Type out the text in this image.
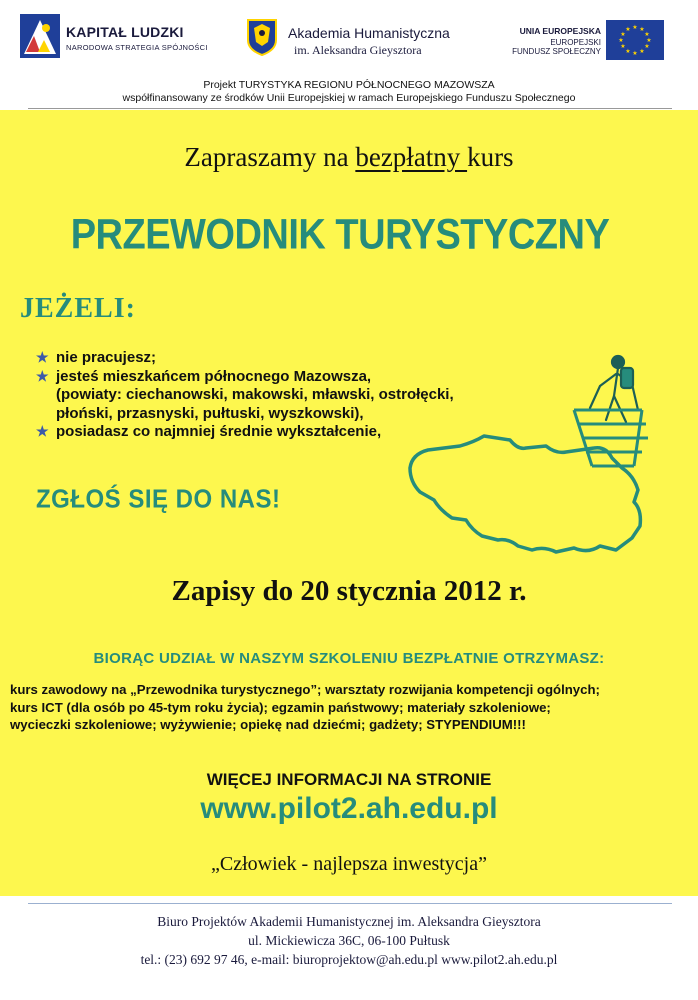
KAPITAŁ LUDZKI
NARODOWA STRATEGIA SPÓJNOŚCI
Akademia Humanistyczna
im. Aleksandra Gieysztora
UNIA EUROPEJSKA
EUROPEJSKI
FUNDUSZ SPOŁECZNY
★ ★
★
★
★
★
★
★
★
★
★
★
Projekt TURYSTYKA REGIONU PÓŁNOCNEGO MAZOWSZA
współfinansowany ze środków Unii Europejskiej w ramach Europejskiego Funduszu Społecznego
Zapraszamy na bezpłatny kurs
PRZEWODNIK TURYSTYCZNY
JEŻELI:
★ nie pracujesz;
★ jesteś mieszkańcem północnego Mazowsza,
(powiaty: ciechanowski, makowski, mławski, ostrołęcki,
płoński, przasnyski, pułtuski, wyszkowski),
★ posiadasz co najmniej średnie wykształcenie,
ZGŁOŚ SIĘ DO NAS!
Zapisy do 20 stycznia 2012 r.
BIORĄC UDZIAŁ W NASZYM SZKOLENIU BEZPŁATNIE OTRZYMASZ:
kurs zawodowy na „Przewodnika turystycznego”; warsztaty rozwijania kompetencji ogólnych;
kurs ICT (dla osób po 45-tym roku życia); egzamin państwowy; materiały szkoleniowe;
wycieczki szkoleniowe; wyżywienie; opiekę nad dziećmi; gadżety; STYPENDIUM!!!
WIĘCEJ INFORMACJI NA STRONIE
www.pilot2.ah.edu.pl
„Człowiek - najlepsza inwestycja”
Biuro Projektów Akademii Humanistycznej im. Aleksandra Gieysztora
ul. Mickiewicza 36C, 06-100 Pułtusk
tel.: (23) 692 97 46, e-mail: biuroprojektow@ah.edu.pl www.pilot2.ah.edu.pl
